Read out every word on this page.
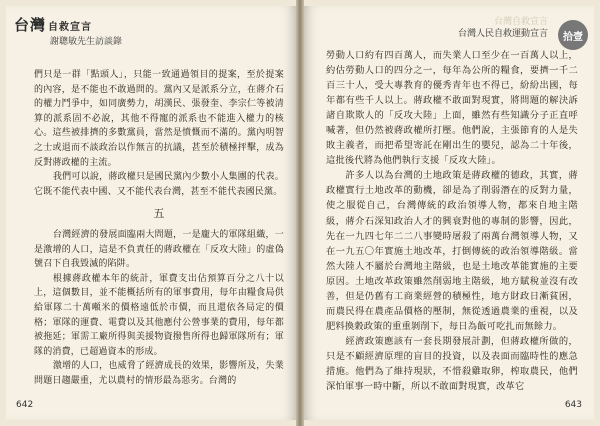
台灣 自救宣言
謝聰敏先生訪談錄

們只是一群「點頭人」，只能一致通過領目的提案，至於提案的內容，是不能也不敢過問的。黨內又是派系分立，在蔣介石的權力鬥爭中，如同廣勢力，胡漢民、張發奎、李宗仁等被清算的派系固不必說，其他不得寵的派系也不能進入權力的核心。這些被排擠的多數黨員，當然是憤慨而不滿的。黨內明智之士或退而不談政治以作無言的抗議，甚至於積極抨擊，成為反對蔣政權的主流。

我們可以說，蔣政權只是國民黨內少數小人集團的代表。它既不能代表中國、又不能代表台灣，甚至不能代表國民黨。

五

台灣經濟的發展面臨兩大問題，一是龐大的軍隊組織，一是激增的人口，這是不負責任的蔣政權在「反攻大陸」的虛偽號召下自我毀滅的陷阱。

根據蔣政權本年的統計，軍費支出佔預算百分之八十以上，這個數目，並不能概括所有的軍事費用，每年由糧食局供給軍隊二十萬噸米的價格遠低於市價，而且還依各局定的價格；軍隊的運費、電費以及其他應付公營事業的費用，每年都被拖延；軍需工廠所得與美援物資撥售所得也歸軍隊所有；軍隊的消費，已超過資本的形成。

激增的人口，也威脅了經濟成長的效果，影響所及，失業問題日趨嚴重，尤以農村的情形最為惡劣。台灣的

642
台灣自救宣言
台灣人民自救運動宣言	拾壹

勞動人口約有四百萬人，而失業人口至少在一百萬人以上，約估勞動人口的四分之一，每年為公所的糧食，要擠一千二百三十人，受大專教育的優秀青年也不得已，紛紛出國，每年都有些千人以上。蔣政權不敢面對現實，將問題的解決訴諸自欺欺人的「反攻大陸」上面，雖然有些知識分子正直呼喊著，但仍然被蔣政權所打壓。他們說，主張節育的人是失敗主義者，而把希望寄託在剛出生的嬰兒，認為二十年後，這批後代將為他們執行支援「反攻大陸」。

許多人以為台灣的土地政策是蔣政權的德政，其實，蔣政權實行土地改革的動機，卻是為了削弱潛在的反對力量，使之服從自己，台灣傳統的政治領導人物，都來自地主階級，蔣介石深知政治人才的興衰對他的專制的影響，因此，先在一九四七年二二八事變時屠殺了兩萬台灣領導人物，又在一九五〇年實施土地改革，打倒傳統的政治領導階級。當然大陸人不屬於台灣地主階級，也是土地改革能實施的主要原因。土地改革政策雖然削弱地主階級，地方賦稅並沒有改善，但是仍舊有工商業經營的積極性，地方財政日漸貧困，而農民得在農產品價格的壓制，無從透過農業的重視，以及肥料換穀政策的重重剝削下，每日為飯可吃扎而無餘力。

經濟政策應該有一套長期發展計劃，但蔣政權所做的，只是不顧經濟原理的盲目的投資，以及表面而臨時性的應急措施。他們為了維持現狀，不惜殺雞取卵，榨取農民，他們深怕軍事一時中斷，所以不敢面對現實，改革它

643
